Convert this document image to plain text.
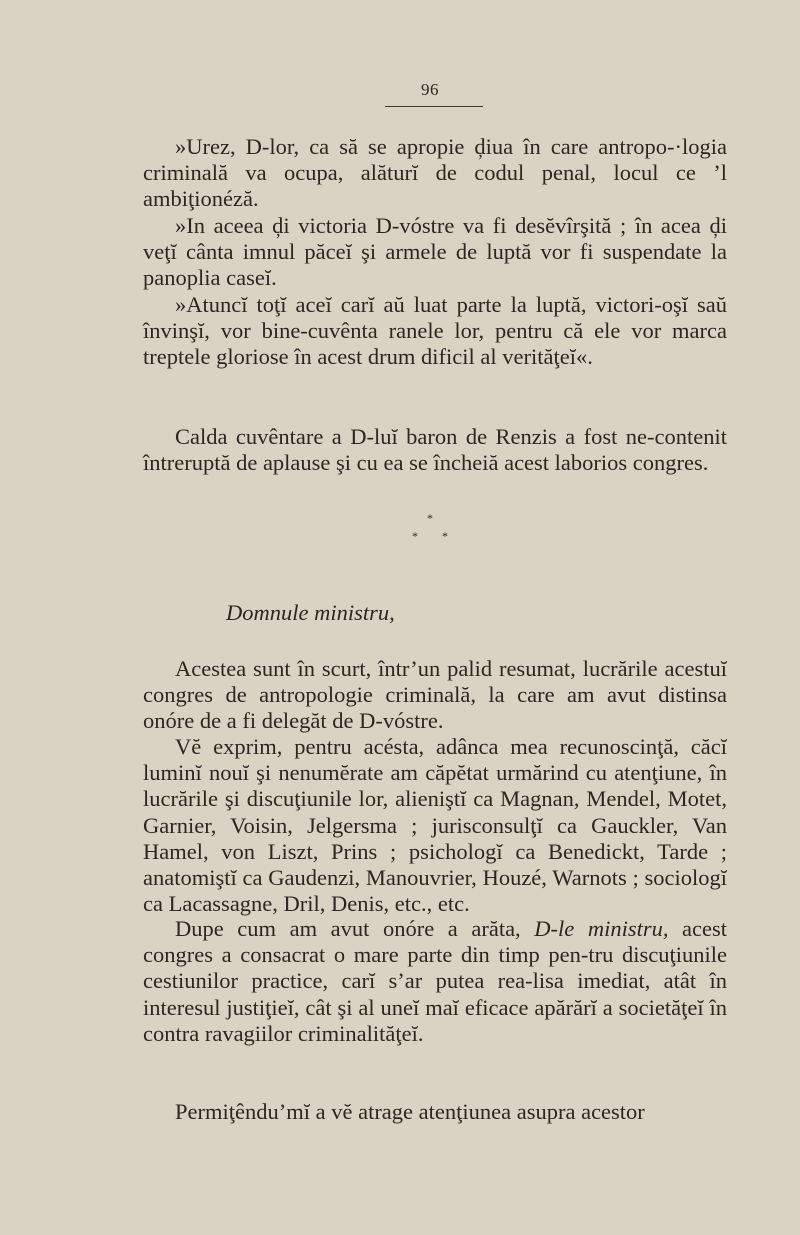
96

»Urez, D-lor, ca să se apropie ḑiua în care antropo-·logia criminală va ocupa, alăturĭ de codul penal, locul ce ’l ambiţionéză.

»In aceea ḑi victoria D-vóstre va fi desĕvîrşită ; în acea ḑi veţĭ cânta imnul păceĭ şi armele de luptă vor fi suspendate la panoplia caseĭ.

»Atuncĭ toţĭ aceĭ carĭ aŭ luat parte la luptă, victori-oşĭ saŭ învinşĭ, vor bine-cuvênta ranele lor, pentru că ele vor marca treptele gloriose în acest drum dificil al verităţeĭ«.

Calda cuvêntare a D-luĭ baron de Renzis a fost ne-contenit întreruptă de aplause şi cu ea se încheiă acest laborios congres.

*
* *
Domnule ministru,

Acestea sunt în scurt, într’un palid resumat, lucrările acestuĭ congres de antropologie criminală, la care am avut distinsa onóre de a fi delegăt de D-vóstre.

Vĕ exprim, pentru acésta, adânca mea recunoscinţă, căcĭ luminĭ nouĭ şi nenumĕrate am căpĕtat urmărind cu atenţiune, în lucrările şi discuţiunile lor, alieniştĭ ca Magnan, Mendel, Motet, Garnier, Voisin, Jelgersma ; jurisconsulţĭ ca Gauckler, Van Hamel, von Liszt, Prins ; psichologĭ ca Benedickt, Tarde ; anatomiştĭ ca Gaudenzi, Manouvrier, Houzé, Warnots ; sociologĭ ca Lacassagne, Dril, Denis, etc., etc.

Dupe cum am avut onóre a arăta, D-le ministru, acest congres a consacrat o mare parte din timp pen-tru discuţiunile cestiunilor practice, carĭ s’ar putea rea-lisa imediat, atât în interesul justiţieĭ, cât şi al uneĭ maĭ eficace apărărĭ a societăţeĭ în contra ravagiilor criminalităţeĭ.

Permiţêndu’mĭ a vĕ atrage atenţiunea asupra acestor
